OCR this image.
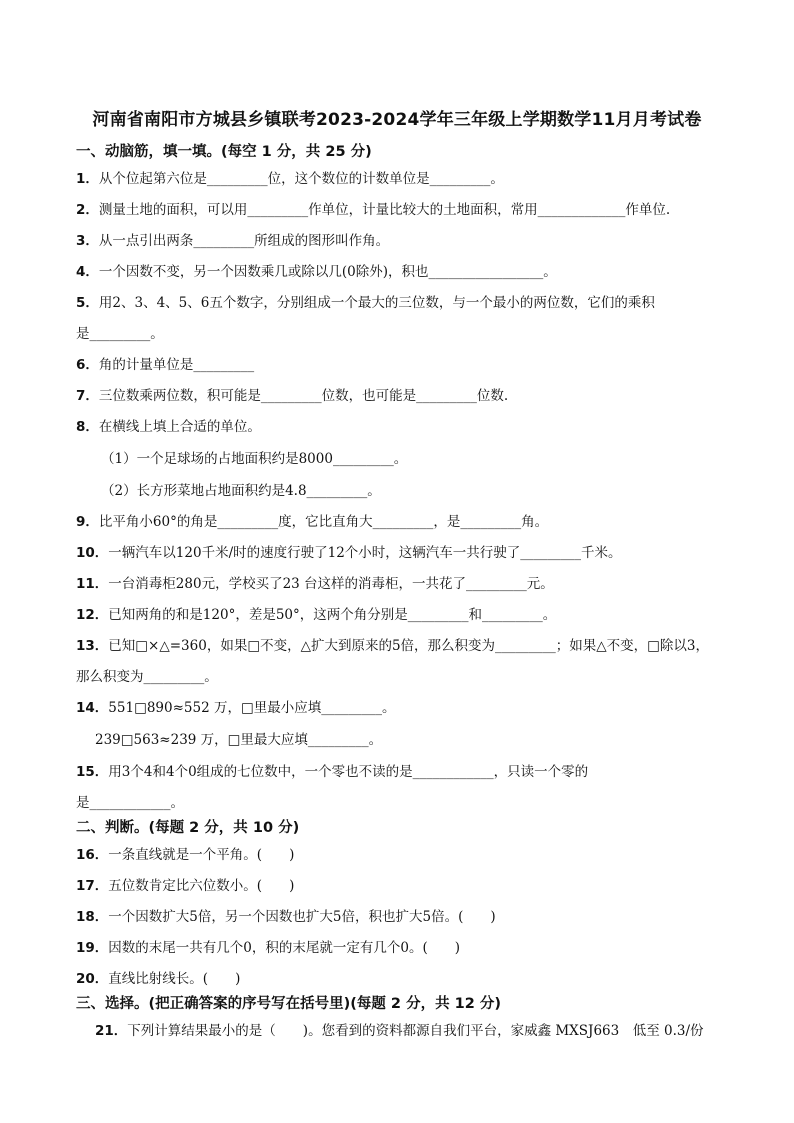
河南省南阳市方城县乡镇联考2023-2024学年三年级上学期数学11月月考试卷
一、动脑筋，填一填。(每空 1 分，共 25 分)
1．从个位起第六位是_________位，这个数位的计数单位是_________。
2．测量土地的面积，可以用_________作单位，计量比较大的土地面积，常用_____________作单位.
3．从一点引出两条_________所组成的图形叫作角。
4．一个因数不变，另一个因数乘几或除以几(0除外)，积也_________________。
5．用2、3、4、5、6五个数字，分别组成一个最大的三位数，与一个最小的两位数，它们的乘积
是_________。
6．角的计量单位是_________
7．三位数乘两位数，积可能是_________位数，也可能是_________位数.
8．在横线上填上合适的单位。
（1）一个足球场的占地面积约是8000_________。
（2）长方形菜地占地面积约是4.8_________。
9．比平角小60°的角是_________度，它比直角大_________，是_________角。
10．一辆汽车以120千米/时的速度行驶了12个小时，这辆汽车一共行驶了_________千米。
11．一台消毒柜280元，学校买了23 台这样的消毒柜，一共花了_________元。
12．已知两角的和是120°，差是50°，这两个角分别是_________和_________。
13．已知□×△=360，如果□不变，△扩大到原来的5倍，那么积变为_________；如果△不变，□除以3，
那么积变为_________。
14．551□890≈552 万，□里最小应填_________。
239□563≈239 万，□里最大应填_________。
15．用3个4和4个0组成的七位数中，一个零也不读的是____________，只读一个零的
是____________。
二、判断。(每题 2 分，共 10 分)
16．一条直线就是一个平角。(　　)
17．五位数肯定比六位数小。(　　)
18．一个因数扩大5倍，另一个因数也扩大5倍，积也扩大5倍。(　　)
19．因数的末尾一共有几个0，积的末尾就一定有几个0。(　　)
20．直线比射线长。(　　)
三、选择。(把正确答案的序号写在括号里)(每题 2 分，共 12 分)
21．下列计算结果最小的是（　　)。您看到的资料都源自我们平台，家威鑫 MXSJ663　低至 0.3/份
